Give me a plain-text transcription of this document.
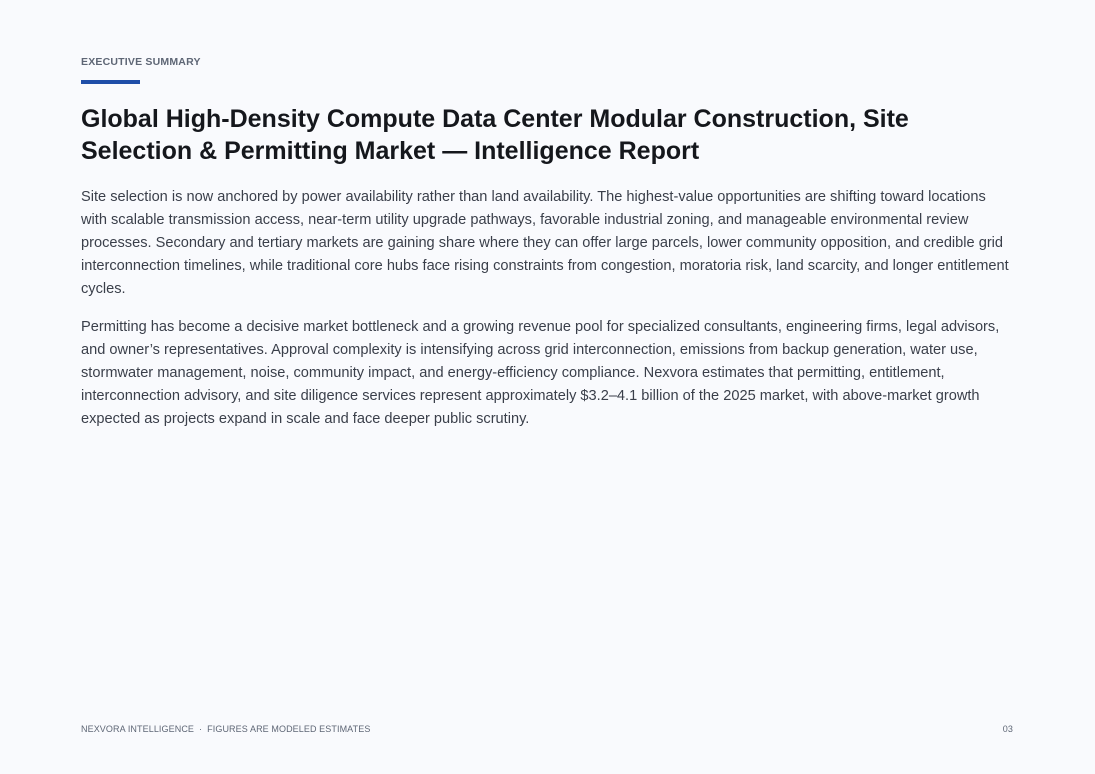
EXECUTIVE SUMMARY
Global High-Density Compute Data Center Modular Construction, Site Selection & Permitting Market — Intelligence Report

Site selection is now anchored by power availability rather than land availability. The highest-value opportunities are shifting toward locations with scalable transmission access, near-term utility upgrade pathways, favorable industrial zoning, and manageable environmental review processes. Secondary and tertiary markets are gaining share where they can offer large parcels, lower community opposition, and credible grid interconnection timelines, while traditional core hubs face rising constraints from congestion, moratoria risk, land scarcity, and longer entitlement cycles.

Permitting has become a decisive market bottleneck and a growing revenue pool for specialized consultants, engineering firms, legal advisors, and owner’s representatives. Approval complexity is intensifying across grid interconnection, emissions from backup generation, water use, stormwater management, noise, community impact, and energy-efficiency compliance. Nexvora estimates that permitting, entitlement, interconnection advisory, and site diligence services represent approximately $3.2–4.1 billion of the 2025 market, with above-market growth expected as projects expand in scale and face deeper public scrutiny.

NEXVORA INTELLIGENCE · FIGURES ARE MODELED ESTIMATES	03
